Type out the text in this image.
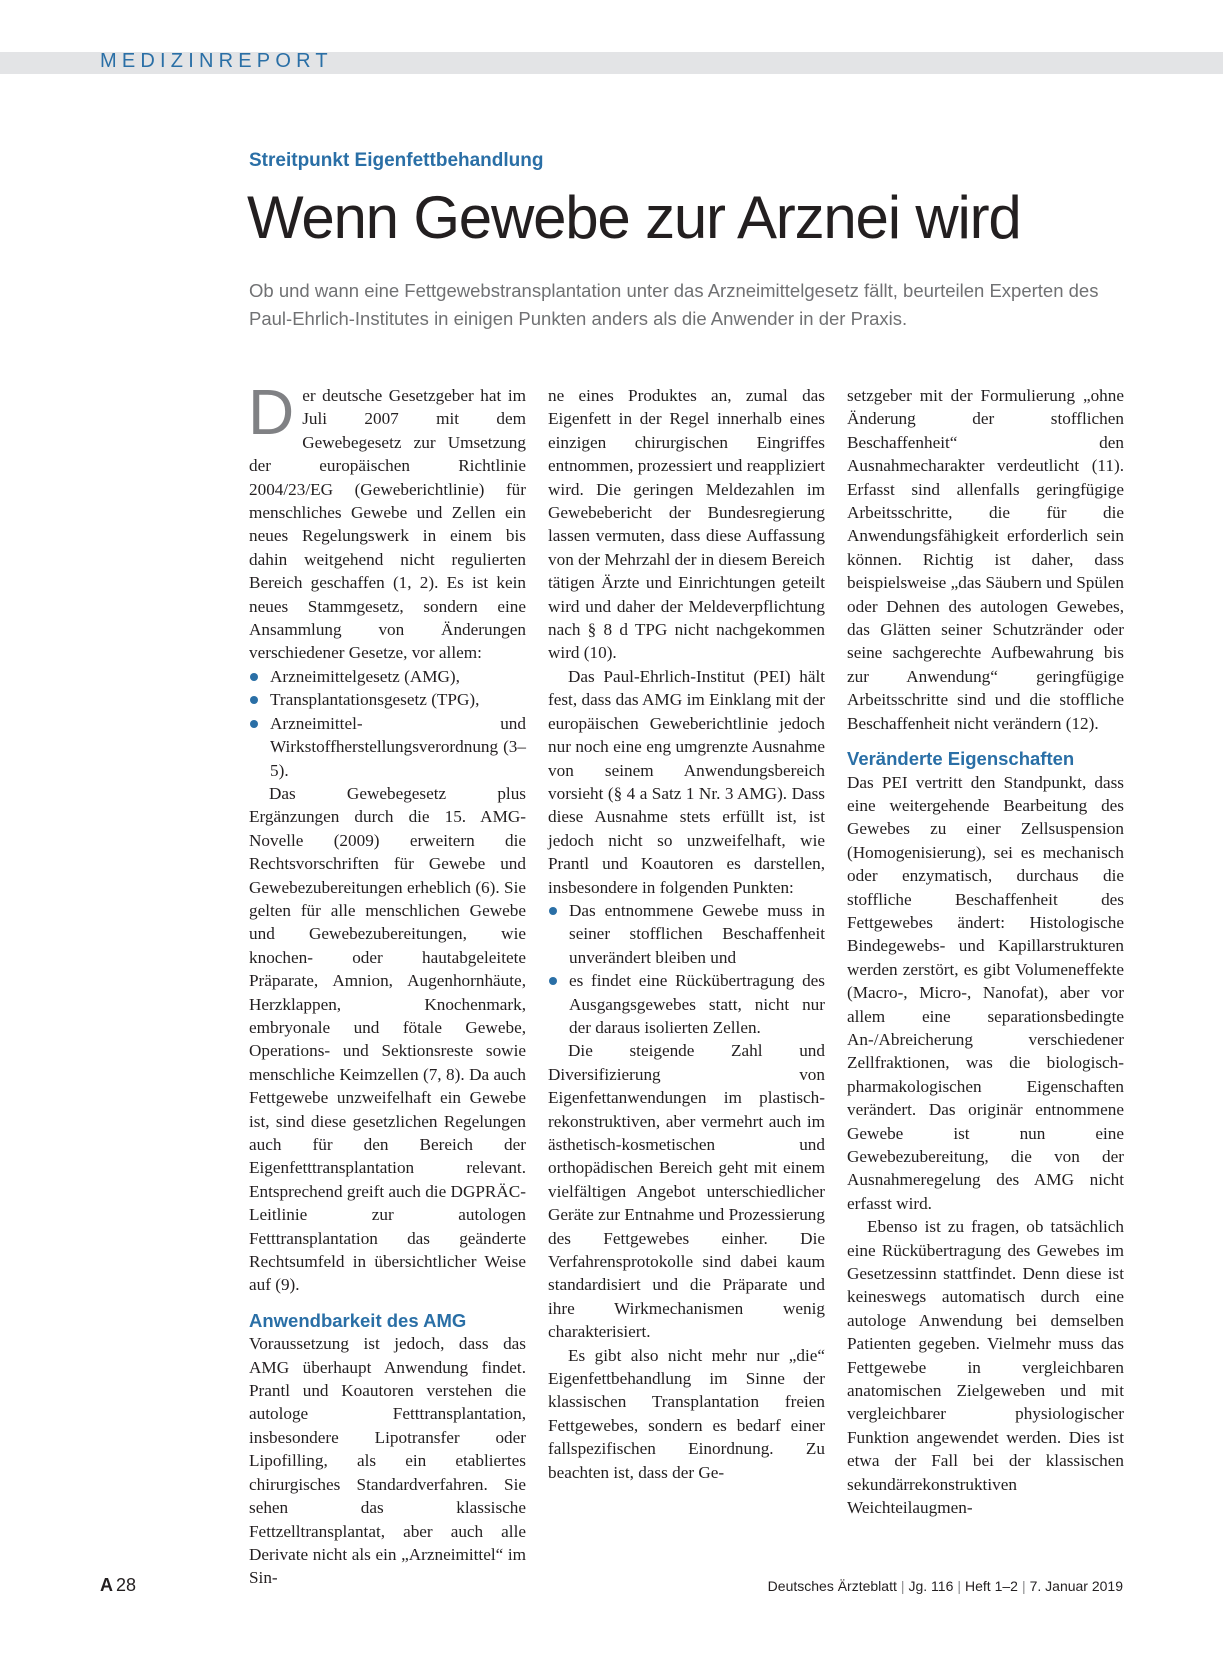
MEDIZINREPORT
Streitpunkt Eigenfettbehandlung
Wenn Gewebe zur Arznei wird
Ob und wann eine Fettgewebstransplantation unter das Arzneimittelgesetz fällt, beurteilen Experten des Paul-Ehrlich-Institutes in einigen Punkten anders als die Anwender in der Praxis.

Der deutsche Gesetzgeber hat im Juli 2007 mit dem Gewebegesetz zur Umsetzung der europäischen Richtlinie 2004/23/EG (Geweberichtlinie) für menschliches Gewebe und Zellen ein neues Regelungswerk in einem bis dahin weitgehend nicht regulierten Bereich geschaffen (1, 2). Es ist kein neues Stammgesetz, sondern eine Ansammlung von Änderungen verschiedener Gesetze, vor allem:

Arzneimittelgesetz (AMG),
Transplantationsgesetz (TPG),
Arzneimittel- und Wirkstoffherstellungsverordnung (3–5).

Das Gewebegesetz plus Ergänzungen durch die 15. AMG-Novelle (2009) erweitern die Rechtsvorschriften für Gewebe und Gewebezubereitungen erheblich (6). Sie gelten für alle menschlichen Gewebe und Gewebezubereitungen, wie knochen- oder hautabgeleitete Präparate, Amnion, Augenhornhäute, Herzklappen, Knochenmark, embryonale und fötale Gewebe, Operations- und Sektionsreste sowie menschliche Keimzellen (7, 8). Da auch Fettgewebe unzweifelhaft ein Gewebe ist, sind diese gesetzlichen Regelungen auch für den Bereich der Eigenfetttransplantation relevant. Entsprechend greift auch die DGPRÄC-Leitlinie zur autologen Fetttransplantation das geänderte Rechtsumfeld in übersichtlicher Weise auf (9).

Anwendbarkeit des AMG

Voraussetzung ist jedoch, dass das AMG überhaupt Anwendung findet. Prantl und Koautoren verstehen die autologe Fetttransplantation, insbesondere Lipotransfer oder Lipofilling, als ein etabliertes chirurgisches Standardverfahren. Sie sehen das klassische Fettzelltransplantat, aber auch alle Derivate nicht als ein „Arzneimittel“ im Sin-

ne eines Produktes an, zumal das Eigenfett in der Regel innerhalb eines einzigen chirurgischen Eingriffes entnommen, prozessiert und reappliziert wird. Die geringen Meldezahlen im Gewebebericht der Bundesregierung lassen vermuten, dass diese Auffassung von der Mehrzahl der in diesem Bereich tätigen Ärzte und Einrichtungen geteilt wird und daher der Meldeverpflichtung nach § 8 d TPG nicht nachgekommen wird (10).

Das Paul-Ehrlich-Institut (PEI) hält fest, dass das AMG im Einklang mit der europäischen Geweberichtlinie jedoch nur noch eine eng umgrenzte Ausnahme von seinem Anwendungsbereich vorsieht (§ 4 a Satz 1 Nr. 3 AMG). Dass diese Ausnahme stets erfüllt ist, ist jedoch nicht so unzweifelhaft, wie Prantl und Koautoren es darstellen, insbesondere in folgenden Punkten:

Das entnommene Gewebe muss in seiner stofflichen Beschaffenheit unverändert bleiben und
es findet eine Rückübertragung des Ausgangsgewebes statt, nicht nur der daraus isolierten Zellen.

Die steigende Zahl und Diversifizierung von Eigenfettanwendungen im plastisch-rekonstruktiven, aber vermehrt auch im ästhetisch-kosmetischen und orthopädischen Bereich geht mit einem vielfältigen Angebot unterschiedlicher Geräte zur Entnahme und Prozessierung des Fettgewebes einher. Die Verfahrensprotokolle sind dabei kaum standardisiert und die Präparate und ihre Wirkmechanismen wenig charakterisiert.

Es gibt also nicht mehr nur „die“ Eigenfettbehandlung im Sinne der klassischen Transplantation freien Fettgewebes, sondern es bedarf einer fallspezifischen Einordnung. Zu beachten ist, dass der Ge-

setzgeber mit der Formulierung „ohne Änderung der stofflichen Beschaffenheit“ den Ausnahmecharakter verdeutlicht (11). Erfasst sind allenfalls geringfügige Arbeitsschritte, die für die Anwendungsfähigkeit erforderlich sein können. Richtig ist daher, dass beispielsweise „das Säubern und Spülen oder Dehnen des autologen Gewebes, das Glätten seiner Schutzränder oder seine sachgerechte Aufbewahrung bis zur Anwendung“ geringfügige Arbeitsschritte sind und die stoffliche Beschaffenheit nicht verändern (12).

Veränderte Eigenschaften

Das PEI vertritt den Standpunkt, dass eine weitergehende Bearbeitung des Gewebes zu einer Zellsuspension (Homogenisierung), sei es mechanisch oder enzymatisch, durchaus die stoffliche Beschaffenheit des Fettgewebes ändert: Histologische Bindegewebs- und Kapillarstrukturen werden zerstört, es gibt Volumeneffekte (Macro-, Micro-, Nanofat), aber vor allem eine separationsbedingte An-/Abreicherung verschiedener Zellfraktionen, was die biologisch-pharmakologischen Eigenschaften verändert. Das originär entnommene Gewebe ist nun eine Gewebezubereitung, die von der Ausnahmeregelung des AMG nicht erfasst wird.

Ebenso ist zu fragen, ob tatsächlich eine Rückübertragung des Gewebes im Gesetzessinn stattfindet. Denn diese ist keineswegs automatisch durch eine autologe Anwendung bei demselben Patienten gegeben. Vielmehr muss das Fettgewebe in vergleichbaren anatomischen Zielgeweben und mit vergleichbarer physiologischer Funktion angewendet werden. Dies ist etwa der Fall bei der klassischen sekundärrekonstruktiven Weichteilaugmen-

A 28	Deutsches Ärzteblatt | Jg. 116 | Heft 1–2 | 7. Januar 2019
